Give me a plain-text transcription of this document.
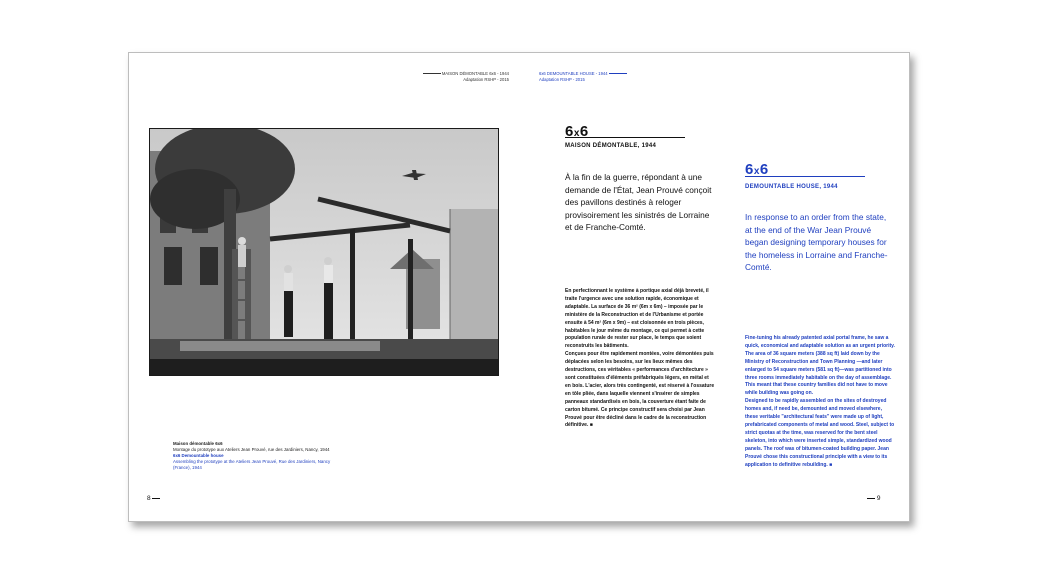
MAISON DÉMONTABLE 6x6 - 1944
Adaptation RSHP - 2015
6x6 DEMOUNTABLE HOUSE - 1944
Adaptation RSHP - 2015
Maison démontable 6x6
Montage du prototype aux Ateliers Jean Prouvé, rue des Jardiniers, Nancy, 1944
6x6 Demountable house
Assembling the prototype at the Ateliers Jean Prouvé, Rue des Jardiniers, Nancy (France), 1944
6x6
MAISON DÉMONTABLE, 1944
À la fin de la guerre, répondant à une demande de l'État, Jean Prouvé conçoit des pavillons destinés à reloger provisoirement les sinistrés de Lorraine et de Franche-Comté.

En perfectionnant le système à portique axial déjà breveté, il traite l'urgence avec une solution rapide, économique et adaptable. La surface de 36 m² (6m x 6m) – imposée par le ministère de la Reconstruction et de l'Urbanisme et portée ensuite à 54 m² (6m x 9m) – est cloisonnée en trois pièces, habitables le jour même du montage, ce qui permet à cette population rurale de rester sur place, le temps que soient reconstruits les bâtiments.

Conçues pour être rapidement montées, voire démontées puis déplacées selon les besoins, sur les lieux mêmes des destructions, ces véritables « performances d'architecture » sont constituées d'éléments préfabriqués légers, en métal et en bois. L'acier, alors très contingenté, est réservé à l'ossature en tôle pliée, dans laquelle viennent s'insérer de simples panneaux standardisés en bois, la couverture étant faite de carton bitumé. Ce principe constructif sera choisi par Jean Prouvé pour être décliné dans le cadre de la reconstruction définitive. ■

6x6
DEMOUNTABLE HOUSE, 1944
In response to an order from the state, at the end of the War Jean Prouvé began designing temporary houses for the homeless in Lorraine and Franche-Comté.

Fine-tuning his already patented axial portal frame, he saw a quick, economical and adaptable solution as an urgent priority. The area of 36 square meters (388 sq ft) laid down by the Ministry of Reconstruction and Town Planning —and later enlarged to 54 square meters (581 sq ft)—was partitioned into three rooms immediately habitable on the day of assemblage. This meant that these country families did not have to move while building was going on.

Designed to be rapidly assembled on the sites of destroyed homes and, if need be, demounted and moved elsewhere, these veritable "architectural feats" were made up of light, prefabricated components of metal and wood. Steel, subject to strict quotas at the time, was reserved for the bent steel skeleton, into which were inserted simple, standardized wood panels. The roof was of bitumen-coated building paper. Jean Prouvé chose this constructional principle with a view to its application to definitive rebuilding. ■

8	9
